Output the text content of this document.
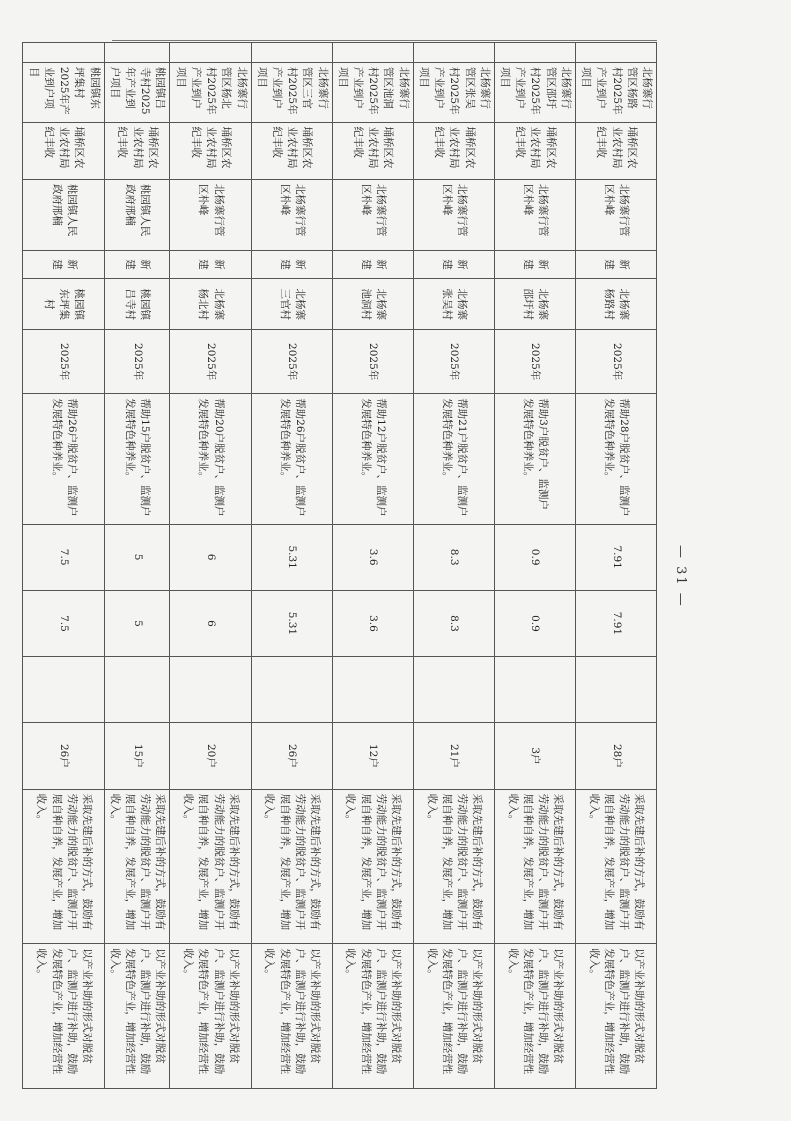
	北杨寨行管区杨路村2025年产业到户项目	埇桥区农业农村局纪丰收	北杨寨行管区朴峰	新建	北杨寨杨路村	2025年	帮助28户脱贫户、监测户发展特色种养业。	7.91	7.91		28户	采取先建后补的方式，鼓励有劳动能力的脱贫户、监测户开展自种自养，发展产业，增加收入。	以产业补助的形式对脱贫户、监测户进行补助，鼓励发展特色产业，增加经营性收入。
	北杨寨行管区邵圩村2025年产业到户项目	埇桥区农业农村局纪丰收	北杨寨行管区朴峰	新建	北杨寨邵圩村	2025年	帮助3户脱贫户、监测户发展特色种养业。	0.9	0.9		3户	采取先建后补的方式，鼓励有劳动能力的脱贫户、监测户开展自种自养，发展产业，增加收入。	以产业补助的形式对脱贫户、监测户进行补助，鼓励发展特色产业，增加经营性收入。
	北杨寨行管区张吴村2025年产业到户项目	埇桥区农业农村局纪丰收	北杨寨行管区朴峰	新建	北杨寨张吴村	2025年	帮助21户脱贫户、监测户发展特色种养业。	8.3	8.3		21户	采取先建后补的方式，鼓励有劳动能力的脱贫户、监测户开展自种自养，发展产业，增加收入。	以产业补助的形式对脱贫户、监测户进行补助，鼓励发展特色产业，增加经营性收入。
	北杨寨行管区池洞村2025年产业到户项目	埇桥区农业农村局纪丰收	北杨寨行管区朴峰	新建	北杨寨池洞村	2025年	帮助12户脱贫户、监测户发展特色种养业。	3.6	3.6		12户	采取先建后补的方式，鼓励有劳动能力的脱贫户、监测户开展自种自养，发展产业，增加收入。	以产业补助的形式对脱贫户、监测户进行补助，鼓励发展特色产业，增加经营性收入。
	北杨寨行管区三官村2025年产业到户项目	埇桥区农业农村局纪丰收	北杨寨行管区朴峰	新建	北杨寨三官村	2025年	帮助26户脱贫户、监测户发展特色种养业。	5.31	5.31		26户	采取先建后补的方式，鼓励有劳动能力的脱贫户、监测户开展自种自养，发展产业，增加收入。	以产业补助的形式对脱贫户、监测户进行补助，鼓励发展特色产业，增加经营性收入。
	北杨寨行管区杨北村2025年产业到户项目	埇桥区农业农村局纪丰收	北杨寨行管区朴峰	新建	北杨寨杨北村	2025年	帮助20户脱贫户、监测户发展特色种养业。	6	6		20户	采取先建后补的方式，鼓励有劳动能力的脱贫户、监测户开展自种自养，发展产业，增加收入。	以产业补助的形式对脱贫户、监测户进行补助，鼓励发展特色产业，增加经营性收入。
	桃园镇吕寺村2025年产业到户项目	埇桥区农业农村局纪丰收	桃园镇人民政府邢楠	新建	桃园镇吕寺村	2025年	帮助15户脱贫户、监测户发展特色种养业。	5	5		15户	采取先建后补的方式，鼓励有劳动能力的脱贫户、监测户开展自种自养，发展产业，增加收入。	以产业补助的形式对脱贫户、监测户进行补助，鼓励发展特色产业，增加经营性收入。
	桃园镇东坪集村2025年产业到户项目	埇桥区农业农村局纪丰收	桃园镇人民政府邢楠	新建	桃园镇东坪集村	2025年	帮助26户脱贫户、监测户发展特色种养业。	7.5	7.5		26户	采取先建后补的方式，鼓励有劳动能力的脱贫户、监测户开展自种自养，发展产业，增加收入。	以产业补助的形式对脱贫户、监测户进行补助，鼓励发展特色产业，增加经营性收入。
— 31 —
